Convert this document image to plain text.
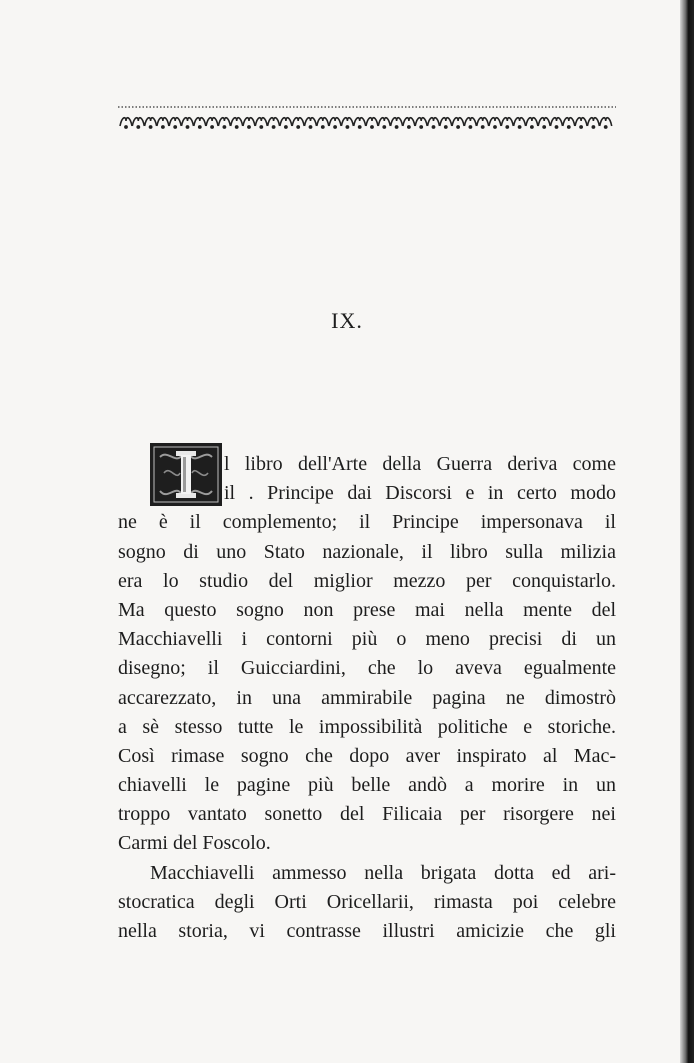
IX.
l libro dell'Arte della Guerra deriva come
il . Principe dai Discorsi e in certo modo
ne è il complemento; il Principe impersonava il
sogno di uno Stato nazionale, il libro sulla milizia
era lo studio del miglior mezzo per conquistarlo.
Ma questo sogno non prese mai nella mente del
Macchiavelli i contorni più o meno precisi di un
disegno; il Guicciardini, che lo aveva egualmente
accarezzato, in una ammirabile pagina ne dimostrò
a sè stesso tutte le impossibilità politiche e storiche.
Così rimase sogno che dopo aver inspirato al Mac-
chiavelli le pagine più belle andò a morire in un
troppo vantato sonetto del Filicaia per risorgere nei
Carmi del Foscolo.
Macchiavelli ammesso nella brigata dotta ed ari-
stocratica degli Orti Oricellarii, rimasta poi celebre
nella storia, vi contrasse illustri amicizie che gli
